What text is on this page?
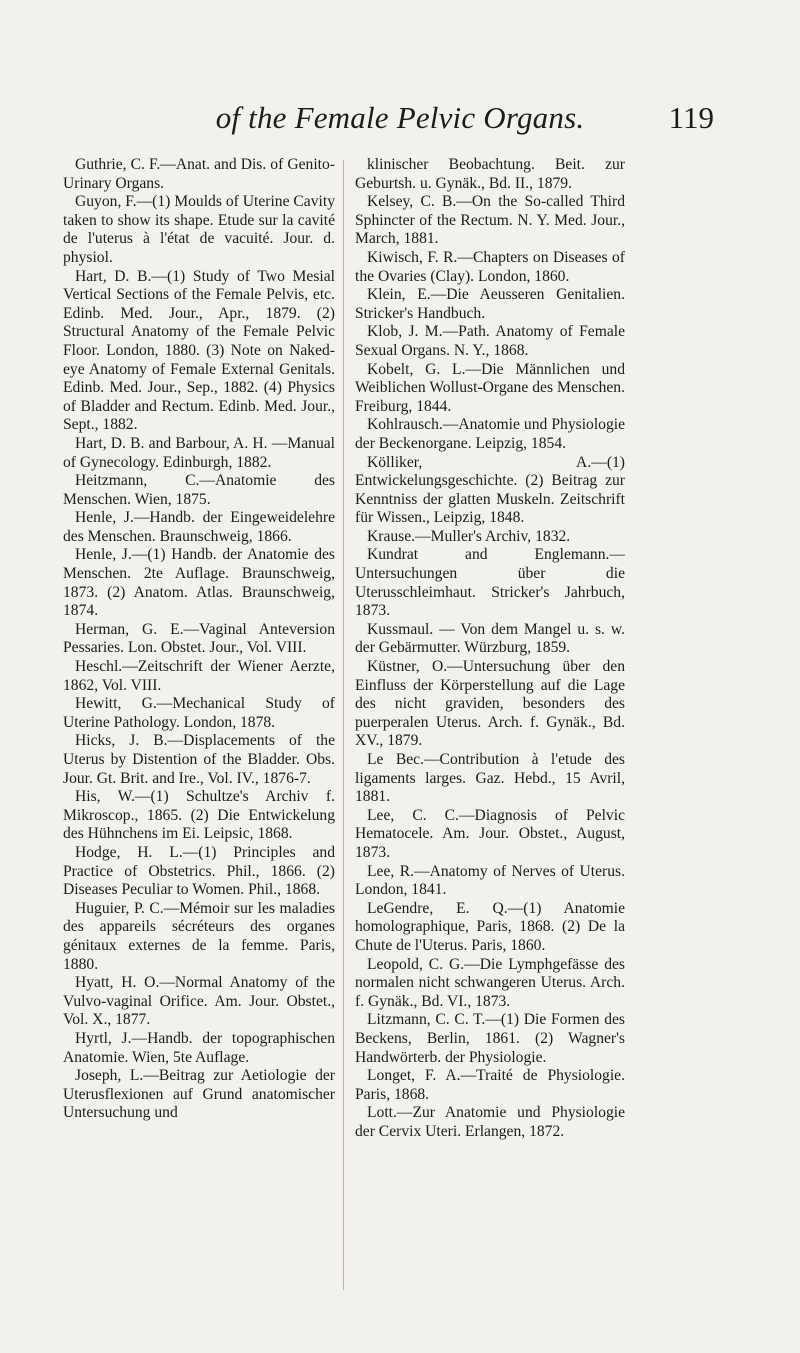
of the Female Pelvic Organs.	119

Guthrie, C. F.—Anat. and Dis. of Genito-Urinary Organs.

Guyon, F.—(1) Moulds of Uterine Cavity taken to show its shape. Etude sur la cavité de l'uterus à l'état de vacuité. Jour. d. physiol.

Hart, D. B.—(1) Study of Two Mesial Vertical Sections of the Female Pelvis, etc. Edinb. Med. Jour., Apr., 1879. (2) Structural Anatomy of the Female Pelvic Floor. London, 1880. (3) Note on Naked-eye Anatomy of Female External Genitals. Edinb. Med. Jour., Sep., 1882. (4) Physics of Bladder and Rectum. Edinb. Med. Jour., Sept., 1882.

Hart, D. B. and Barbour, A. H. —Manual of Gynecology. Edinburgh, 1882.

Heitzmann, C.—Anatomie des Menschen. Wien, 1875.

Henle, J.—Handb. der Eingeweidelehre des Menschen. Braunschweig, 1866.

Henle, J.—(1) Handb. der Anatomie des Menschen. 2te Auflage. Braunschweig, 1873. (2) Anatom. Atlas. Braunschweig, 1874.

Herman, G. E.—Vaginal Anteversion Pessaries. Lon. Obstet. Jour., Vol. VIII.

Heschl.—Zeitschrift der Wiener Aerzte, 1862, Vol. VIII.

Hewitt, G.—Mechanical Study of Uterine Pathology. London, 1878.

Hicks, J. B.—Displacements of the Uterus by Distention of the Bladder. Obs. Jour. Gt. Brit. and Ire., Vol. IV., 1876-7.

His, W.—(1) Schultze's Archiv f. Mikroscop., 1865. (2) Die Entwickelung des Hühnchens im Ei. Leipsic, 1868.

Hodge, H. L.—(1) Principles and Practice of Obstetrics. Phil., 1866. (2) Diseases Peculiar to Women. Phil., 1868.

Huguier, P. C.—Mémoir sur les maladies des appareils sécréteurs des organes génitaux externes de la femme. Paris, 1880.

Hyatt, H. O.—Normal Anatomy of the Vulvo-vaginal Orifice. Am. Jour. Obstet., Vol. X., 1877.

Hyrtl, J.—Handb. der topographischen Anatomie. Wien, 5te Auflage.

Joseph, L.—Beitrag zur Aetiologie der Uterusflexionen auf Grund anatomischer Untersuchung und

klinischer Beobachtung. Beit. zur Geburtsh. u. Gynäk., Bd. II., 1879.

Kelsey, C. B.—On the So-called Third Sphincter of the Rectum. N. Y. Med. Jour., March, 1881.

Kiwisch, F. R.—Chapters on Diseases of the Ovaries (Clay). London, 1860.

Klein, E.—Die Aeusseren Genitalien. Stricker's Handbuch.

Klob, J. M.—Path. Anatomy of Female Sexual Organs. N. Y., 1868.

Kobelt, G. L.—Die Männlichen und Weiblichen Wollust-Organe des Menschen. Freiburg, 1844.

Kohlrausch.—Anatomie und Physiologie der Beckenorgane. Leipzig, 1854.

Kölliker, A.—(1) Entwickelungsgeschichte. (2) Beitrag zur Kenntniss der glatten Muskeln. Zeitschrift für Wissen., Leipzig, 1848.

Krause.—Muller's Archiv, 1832.

Kundrat and Englemann.—Untersuchungen über die Uterusschleimhaut. Stricker's Jahrbuch, 1873.

Kussmaul. — Von dem Mangel u. s. w. der Gebärmutter. Würzburg, 1859.

Küstner, O.—Untersuchung über den Einfluss der Körperstellung auf die Lage des nicht graviden, besonders des puerperalen Uterus. Arch. f. Gynäk., Bd. XV., 1879.

Le Bec.—Contribution à l'etude des ligaments larges. Gaz. Hebd., 15 Avril, 1881.

Lee, C. C.—Diagnosis of Pelvic Hematocele. Am. Jour. Obstet., August, 1873.

Lee, R.—Anatomy of Nerves of Uterus. London, 1841.

LeGendre, E. Q.—(1) Anatomie homolographique, Paris, 1868. (2) De la Chute de l'Uterus. Paris, 1860.

Leopold, C. G.—Die Lymphgefässe des normalen nicht schwangeren Uterus. Arch. f. Gynäk., Bd. VI., 1873.

Litzmann, C. C. T.—(1) Die Formen des Beckens, Berlin, 1861. (2) Wagner's Handwörterb. der Physiologie.

Longet, F. A.—Traité de Physiologie. Paris, 1868.

Lott.—Zur Anatomie und Physiologie der Cervix Uteri. Erlangen, 1872.
